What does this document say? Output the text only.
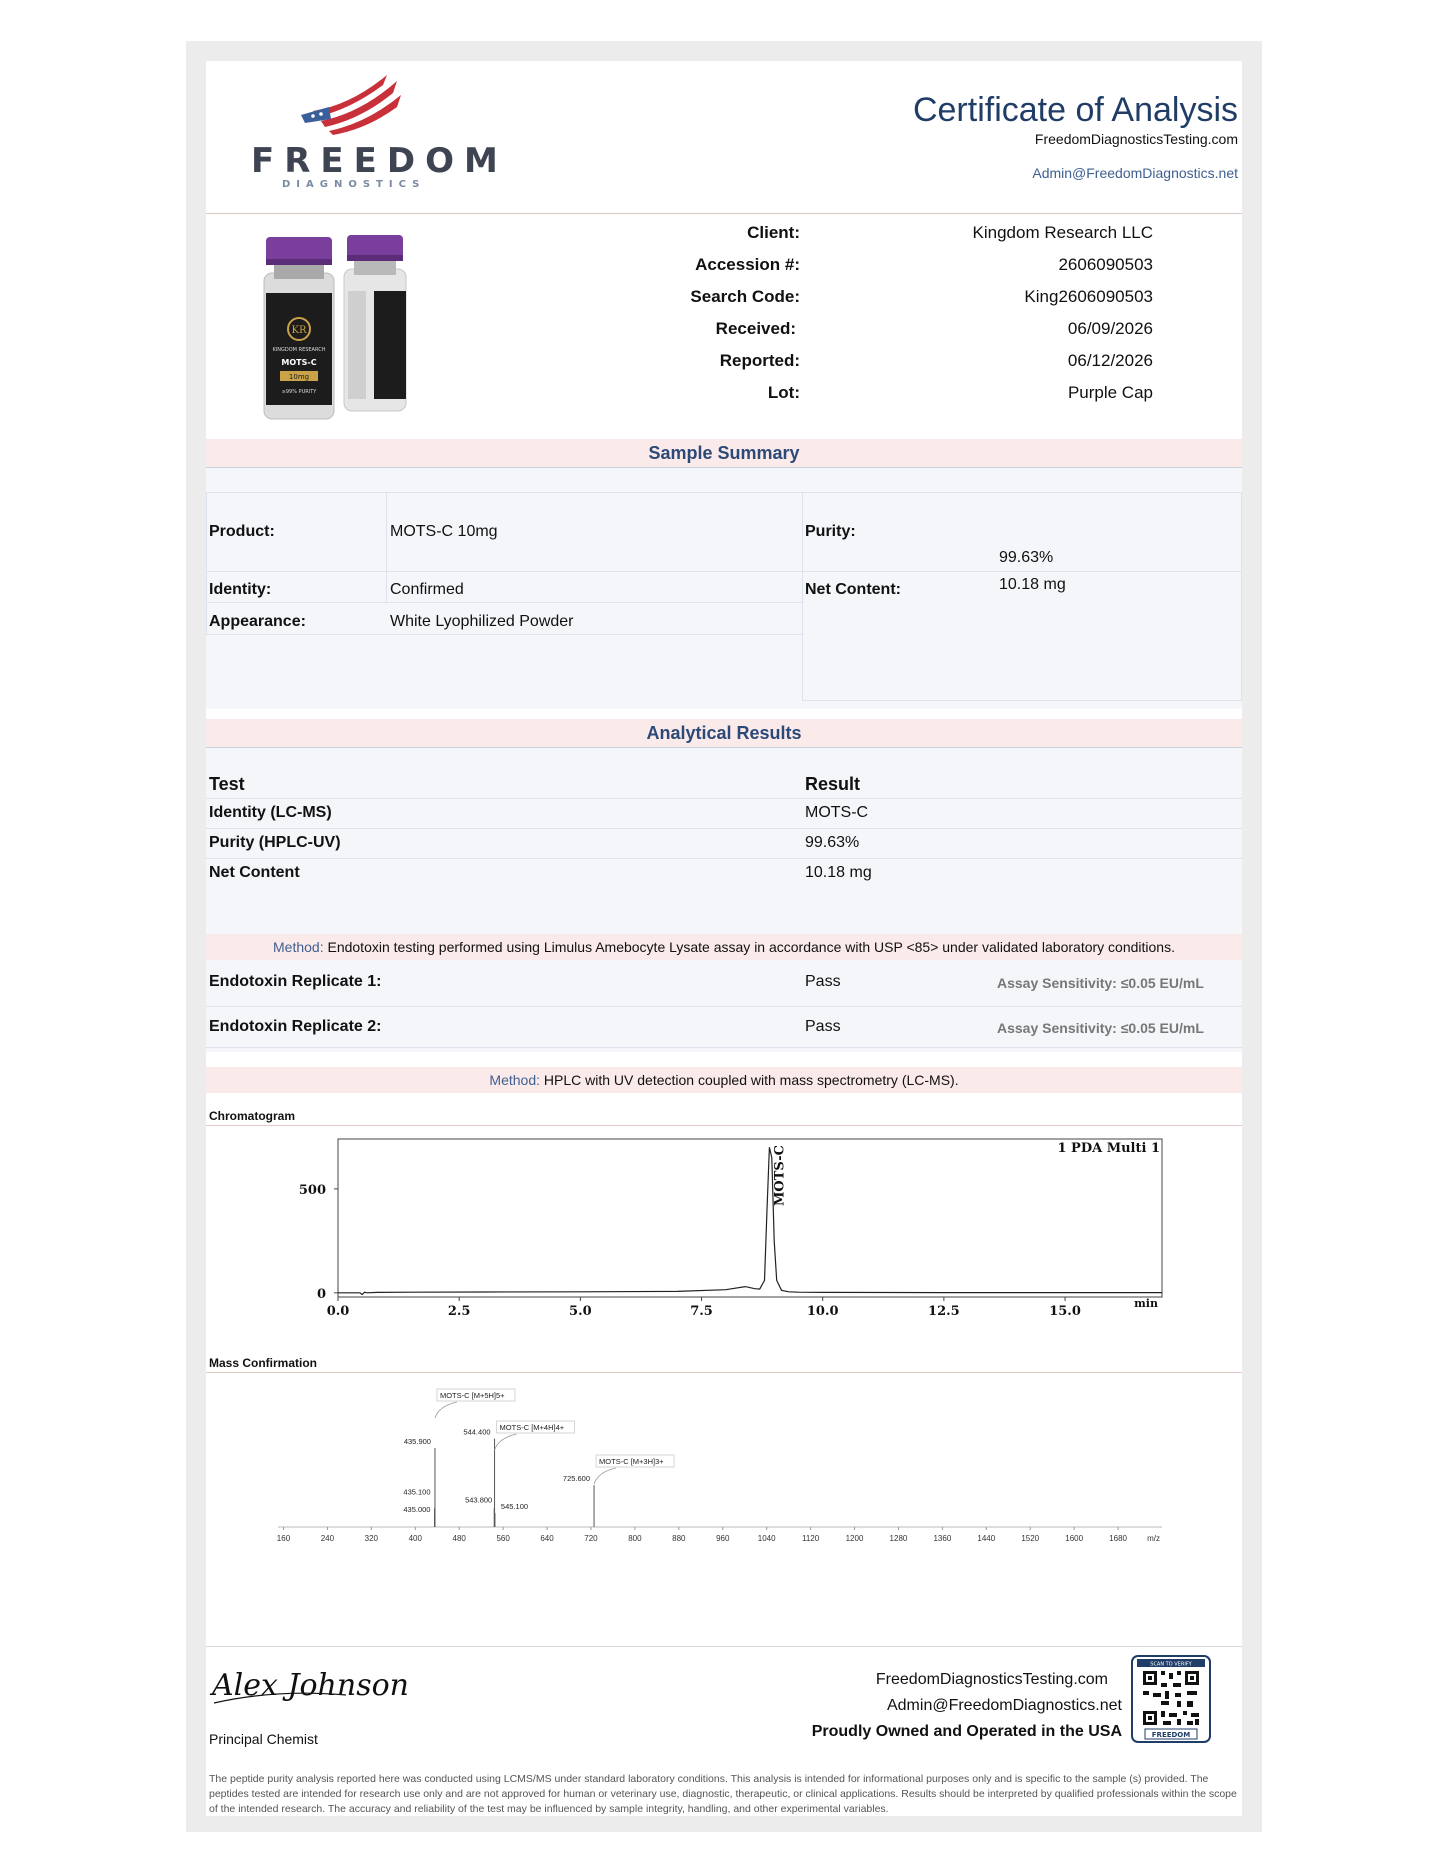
FREEDOM
DIAGNOSTICS
Certificate of Analysis
FreedomDiagnosticsTesting.com
Admin@FreedomDiagnostics.net
KR
KINGDOM RESEARCH
MOTS-C
10mg
≥99% PURITY
Client:	Kingdom Research LLC
Accession #:	2606090503
Search Code:	King2606090503
Received:	06/09/2026
Reported:	06/12/2026
Lot:	Purple Cap
Sample Summary
Product:	MOTS-C 10mg
Identity:	Confirmed
Appearance:	White Lyophilized Powder
Purity:
99.63%
Net Content:	10.18 mg
Analytical Results
Test	Result
Identity (LC-MS)	MOTS-C
Purity (HPLC-UV)	99.63%
Net Content	10.18 mg
Method: Endotoxin testing performed using Limulus Amebocyte Lysate assay in accordance with USP <85> under validated laboratory conditions.
Endotoxin Replicate 1:	Pass	Assay Sensitivity: ≤0.05 EU/mL
Endotoxin Replicate 2:	Pass	Assay Sensitivity: ≤0.05 EU/mL
Method: HPLC with UV detection coupled with mass spectrometry (LC-MS).
Chromatogram
0.0	2.5	5.0	7.5	10.0	12.5	15.0
0
500
min
1 PDA Multi 1
MOTS-C
Mass Confirmation
160	240	320	400	480	560	640	720	800	880	960	1040	1120	1200	1280	1360	1440	1520	1600	1680	m/z
435.000
435.100
435.900
543.800
544.400
545.100
725.600
MOTS-C [M+5H]5+
MOTS-C [M+4H]4+
MOTS-C [M+3H]3+
Alex Johnson
Principal Chemist
FreedomDiagnosticsTesting.com
Admin@FreedomDiagnostics.net
Proudly Owned and Operated in the USA
SCAN TO VERIFY
FREEDOM
The peptide purity analysis reported here was conducted using LCMS/MS under standard laboratory conditions. This analysis is intended for informational purposes only and is specific to the sample (s) provided. The peptides tested are intended for research use only and are not approved for human or veterinary use, diagnostic, therapeutic, or clinical applications. Results should be interpreted by qualified professionals within the scope of the intended research. The accuracy and reliability of the test may be influenced by sample integrity, handling, and other experimental variables.
